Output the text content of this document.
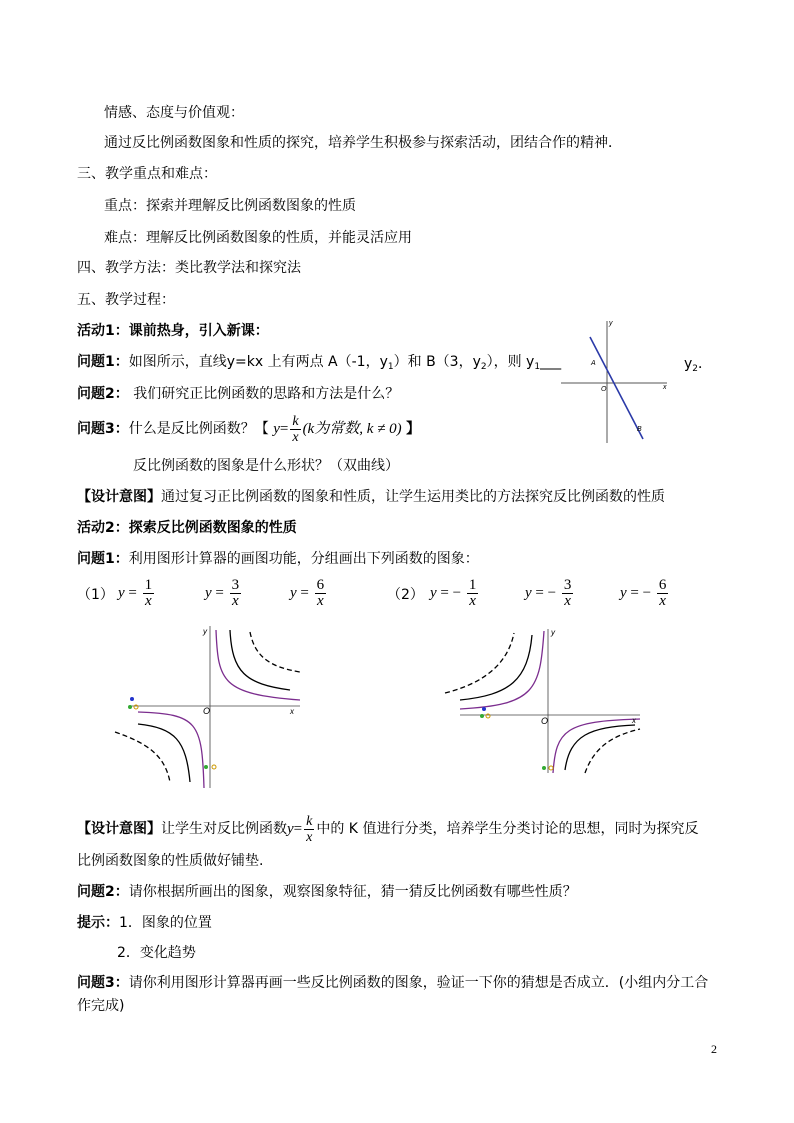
情感、态度与价值观：
通过反比例函数图象和性质的探究，培养学生积极参与探索活动，团结合作的精神．
三、教学重点和难点：
重点：探索并理解反比例函数图象的性质
难点：理解反比例函数图象的性质，并能灵活应用
四、教学方法：类比教学法和探究法
五、教学过程：
活动1：课前热身，引入新课：
问题1：如图所示，直线y=kx 上有两点 A（-1，$y_1$）和 B（3，$y_2$），则 $y_1\_\_\_$	$y_2$．
y
x
O
A
B
问题2： 我们研究正比例函数的思路和方法是什么？
问题3：什么是反比例函数？【 $y= \frac{k}{x} (k$为常数, k ≠ 0) 】
反比例函数的图象是什么形状？（双曲线）
【设计意图】通过复习正比例函数的图象和性质，让学生运用类比的方法探究反比例函数的性质
活动2：探索反比例函数图象的性质
问题1：利用图形计算器的画图功能，分组画出下列函数的图象：
（1） $y = \frac{1}{x}$	$y = \frac{3}{x}$	$y = \frac{6}{x}$	（2） y = − $\frac{1}{x}$	y = − $\frac{3}{x}$	y = − $\frac{6}{x}$
O	x
y
O	x
y
【设计意图】让学生对反比例函数$y= \frac{k}{x}$ 中的 K 值进行分类，培养学生分类讨论的思想，同时为探究反
比例函数图象的性质做好铺垫.
问题2：请你根据所画出的图象，观察图象特征，猜一猜反比例函数有哪些性质？
提示：1．图象的位置
2．变化趋势
问题3：请你利用图形计算器再画一些反比例函数的图象，验证一下你的猜想是否成立．(小组内分工合
作完成)
2
